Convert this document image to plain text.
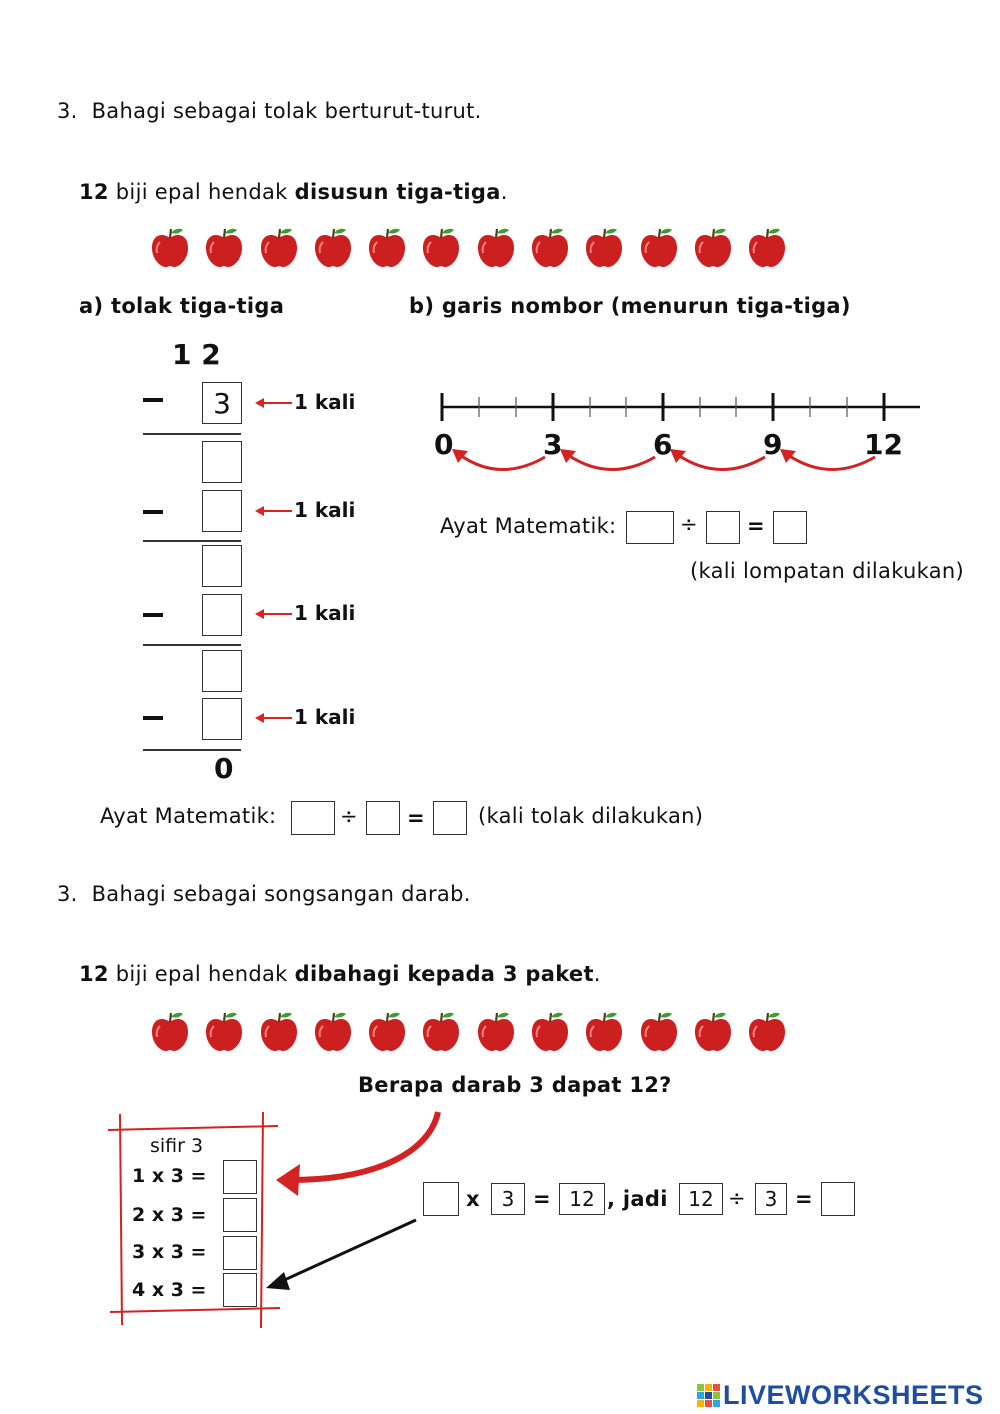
3. Bahagi sebagai tolak berturut-turut.
12 biji epal hendak disusun tiga-tiga.
a) tolak tiga-tiga	b) garis nombor (menurun tiga-tiga)
1 2
3	1 kali
1 kali
1 kali
1 kali
0
0	3	6	9	12
Ayat Matematik:	÷ =
(kali lompatan dilakukan)
Ayat Matematik:	÷ =	(kali tolak dilakukan)
3. Bahagi sebagai songsangan darab.
12 biji epal hendak dibahagi kepada 3 paket.
Berapa darab 3 dapat 12?
sifir 3
1 x 3 =
2 x 3 =
3 x 3 =
4 x 3 =
x	3 = 12 , jadi	12 ÷ 3 =
LIVEWORKSHEETS
